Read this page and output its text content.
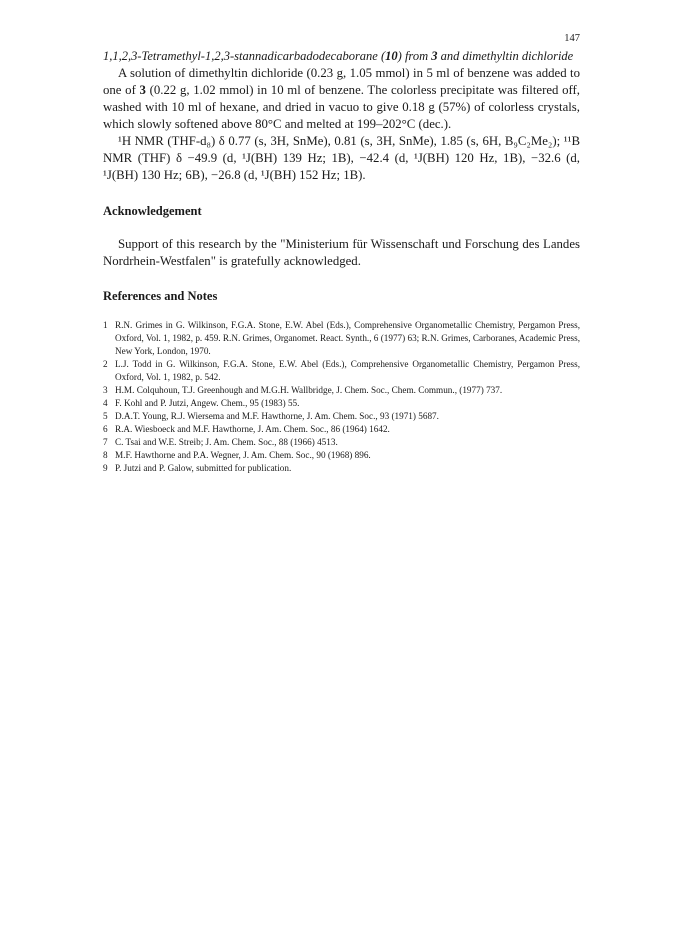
147

1,1,2,3-Tetramethyl-1,2,3-stannadicarbadodecaborane (10) from 3 and dimethyltin dichloride

A solution of dimethyltin dichloride (0.23 g, 1.05 mmol) in 5 ml of benzene was added to one of 3 (0.22 g, 1.02 mmol) in 10 ml of benzene. The colorless precipitate was filtered off, washed with 10 ml of hexane, and dried in vacuo to give 0.18 g (57%) of colorless crystals, which slowly softened above 80°C and melted at 199–202°C (dec.).

¹H NMR (THF-d₈) δ 0.77 (s, 3H, SnMe), 0.81 (s, 3H, SnMe), 1.85 (s, 6H, B₉C₂Me₂); ¹¹B NMR (THF) δ −49.9 (d, ¹J(BH) 139 Hz; 1B), −42.4 (d, ¹J(BH) 120 Hz, 1B), −32.6 (d, ¹J(BH) 130 Hz; 6B), −26.8 (d, ¹J(BH) 152 Hz; 1B).

Acknowledgement

Support of this research by the "Ministerium für Wissenschaft und Forschung des Landes Nordrhein-Westfalen" is gratefully acknowledged.

References and Notes
1 R.N. Grimes in G. Wilkinson, F.G.A. Stone, E.W. Abel (Eds.), Comprehensive Organometallic Chemistry, Pergamon Press, Oxford, Vol. 1, 1982, p. 459. R.N. Grimes, Organomet. React. Synth., 6 (1977) 63; R.N. Grimes, Carboranes, Academic Press, New York, London, 1970.
2 L.J. Todd in G. Wilkinson, F.G.A. Stone, E.W. Abel (Eds.), Comprehensive Organometallic Chemistry, Pergamon Press, Oxford, Vol. 1, 1982, p. 542.
3 H.M. Colquhoun, T.J. Greenhough and M.G.H. Wallbridge, J. Chem. Soc., Chem. Commun., (1977) 737.
4 F. Kohl and P. Jutzi, Angew. Chem., 95 (1983) 55.
5 D.A.T. Young, R.J. Wiersema and M.F. Hawthorne, J. Am. Chem. Soc., 93 (1971) 5687.
6 R.A. Wiesboeck and M.F. Hawthorne, J. Am. Chem. Soc., 86 (1964) 1642.
7 C. Tsai and W.E. Streib; J. Am. Chem. Soc., 88 (1966) 4513.
8 M.F. Hawthorne and P.A. Wegner, J. Am. Chem. Soc., 90 (1968) 896.
9 P. Jutzi and P. Galow, submitted for publication.
